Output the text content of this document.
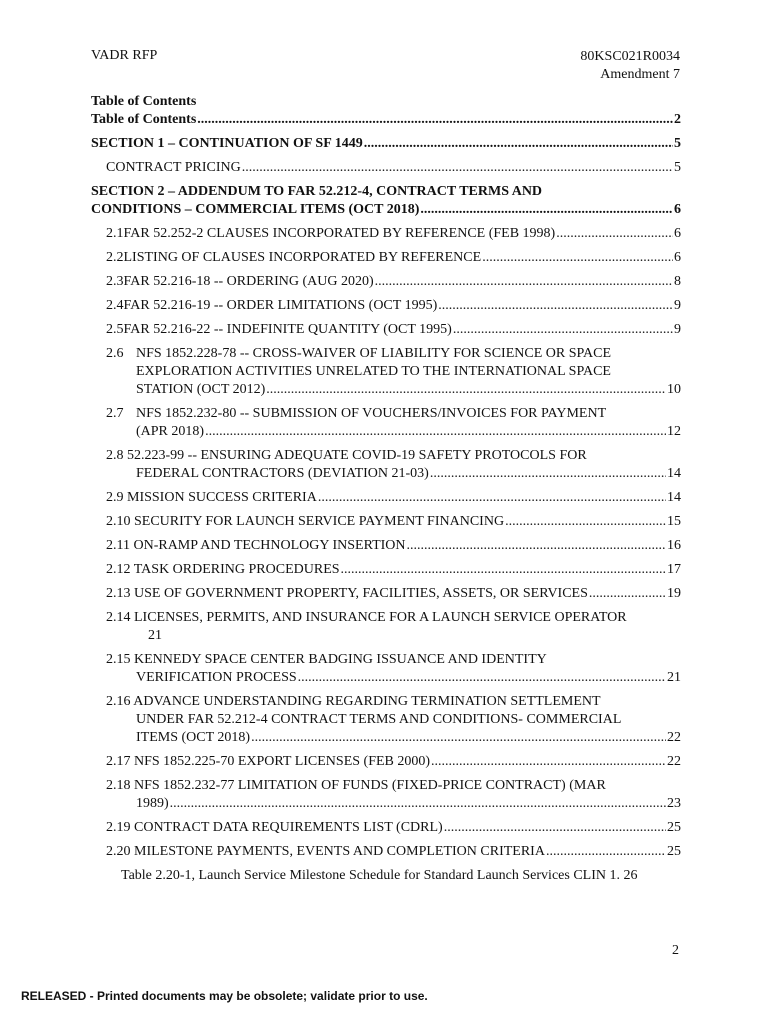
VADR RFP	80KSC021R0034
Amendment 7
Table of Contents
Table of Contents .....	2
SECTION 1 – CONTINUATION OF SF 1449 .....	5
CONTRACT PRICING .....	5
SECTION 2 – ADDENDUM TO FAR 52.212-4, CONTRACT TERMS AND
CONDITIONS – COMMERCIAL ITEMS (OCT 2018) .....	6
2.1 FAR 52.252-2 CLAUSES INCORPORATED BY REFERENCE (FEB 1998) .....	6
2.2 LISTING OF CLAUSES INCORPORATED BY REFERENCE .....	6
2.3 FAR 52.216-18 -- ORDERING (AUG 2020) .....	8
2.4 FAR 52.216-19 -- ORDER LIMITATIONS (OCT 1995) .....	9
2.5 FAR 52.216-22 -- INDEFINITE QUANTITY (OCT 1995) .....	9
2.6 NFS 1852.228-78 -- CROSS-WAIVER OF LIABILITY FOR SCIENCE OR SPACE
EXPLORATION ACTIVITIES UNRELATED TO THE INTERNATIONAL SPACE
STATION (OCT 2012) .....	10
2.7 NFS 1852.232-80 -- SUBMISSION OF VOUCHERS/INVOICES FOR PAYMENT
(APR 2018) .....	12
2.8 52.223-99 -- ENSURING ADEQUATE COVID-19 SAFETY PROTOCOLS FOR
FEDERAL CONTRACTORS (DEVIATION 21-03) .....	14
2.9 MISSION SUCCESS CRITERIA .....	14
2.10 SECURITY FOR LAUNCH SERVICE PAYMENT FINANCING .....	15
2.11 ON-RAMP AND TECHNOLOGY INSERTION .....	16
2.12 TASK ORDERING PROCEDURES .....	17
2.13 USE OF GOVERNMENT PROPERTY, FACILITIES, ASSETS, OR SERVICES .....	19
2.14 LICENSES, PERMITS, AND INSURANCE FOR A LAUNCH SERVICE OPERATOR
21
2.15 KENNEDY SPACE CENTER BADGING ISSUANCE AND IDENTITY
VERIFICATION PROCESS .....	21
2.16 ADVANCE UNDERSTANDING REGARDING TERMINATION SETTLEMENT
UNDER FAR 52.212-4 CONTRACT TERMS AND CONDITIONS- COMMERCIAL
ITEMS (OCT 2018) .....	22
2.17 NFS 1852.225-70 EXPORT LICENSES (FEB 2000) .....	22
2.18 NFS 1852.232-77 LIMITATION OF FUNDS (FIXED-PRICE CONTRACT) (MAR
1989) .....	23
2.19 CONTRACT DATA REQUIREMENTS LIST (CDRL) .....	25
2.20 MILESTONE PAYMENTS, EVENTS AND COMPLETION CRITERIA .....	25
Table 2.20-1, Launch Service Milestone Schedule for Standard Launch Services CLIN 1. 26
2
RELEASED - Printed documents may be obsolete; validate prior to use.
